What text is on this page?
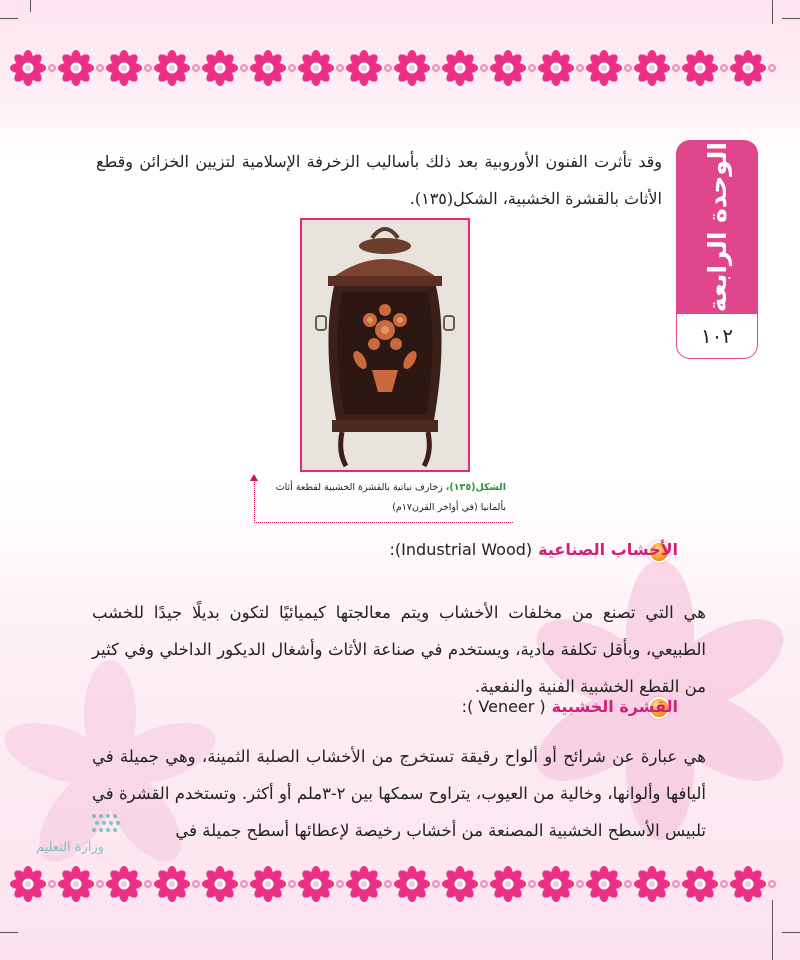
الوحدة الرابعة
١٠٢
وقد تأثرت الفنون الأوروبية بعد ذلك بأساليب الزخرفة الإسلامية لتزيين الخزائن وقطع الأثاث بالقشرة الخشبية، الشكل(١٣٥).
الشكل(١٣٥)، زخارف نباتية بالقشرة الخشبية لقطعة أثاث بألمانيا (في أواخر القرن١٧م)
الأخشاب الصناعية
(Industrial Wood):
هي التي تصنع من مخلفات الأخشاب ويتم معالجتها كيميائيًا لتكون بديلًا جيدًا للخشب الطبيعي، وبأقل تكلفة مادية، ويستخدم في صناعة الأثاث وأشغال الديكور الداخلي وفي كثير من القطع الخشبية الفنية والنفعية.
القشرة الخشبية
( Veneer ):
هي عبارة عن شرائح أو ألواح رقيقة تستخرج من الأخشاب الصلبة الثمينة، وهي جميلة في أليافها وألوانها، وخالية من العيوب، يتراوح سمكها بين ٢-٣ملم أو أكثر. وتستخدم القشرة في تلبيس الأسطح الخشبية المصنعة من أخشاب رخيصة لإعطائها أسطح جميلة في
وزارة التعليم
